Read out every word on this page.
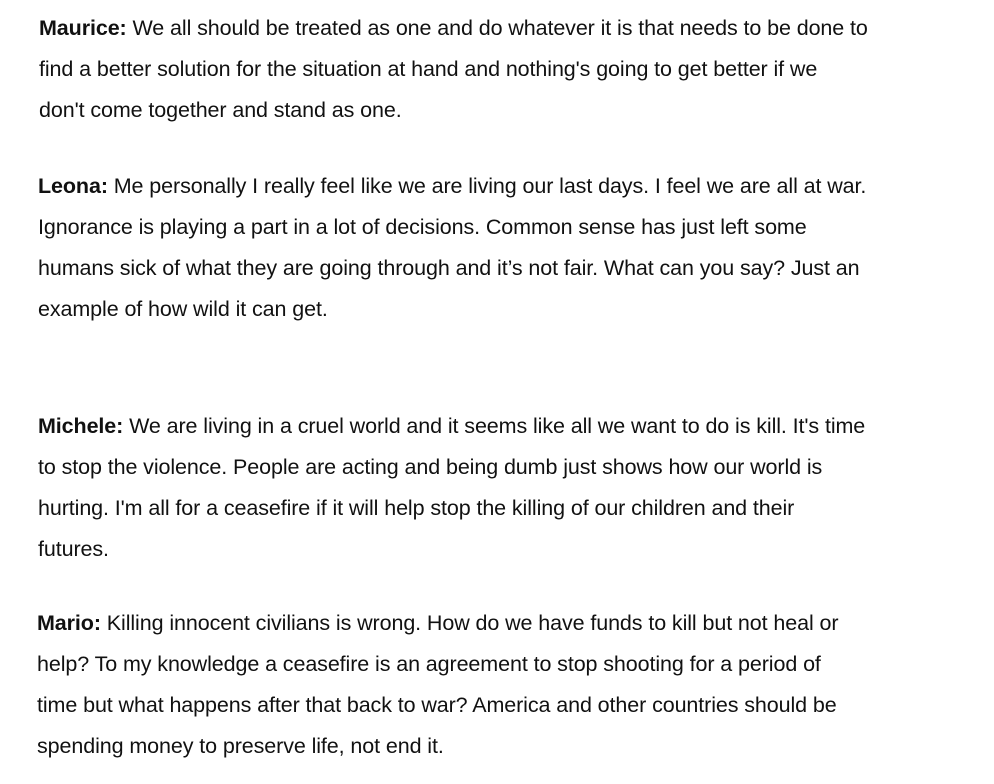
Maurice: We all should be treated as one and do whatever it is that needs to be done to
find a better solution for the situation at hand and nothing's going to get better if we
don't come together and stand as one.

Leona: Me personally I really feel like we are living our last days. I feel we are all at war.
Ignorance is playing a part in a lot of decisions. Common sense has just left some
humans sick of what they are going through and it’s not fair. What can you say? Just an
example of how wild it can get.

Michele: We are living in a cruel world and it seems like all we want to do is kill. It's time
to stop the violence. People are acting and being dumb just shows how our world is
hurting. I'm all for a ceasefire if it will help stop the killing of our children and their
futures.

Mario: Killing innocent civilians is wrong. How do we have funds to kill but not heal or
help? To my knowledge a ceasefire is an agreement to stop shooting for a period of
time but what happens after that back to war? America and other countries should be
spending money to preserve life, not end it.
